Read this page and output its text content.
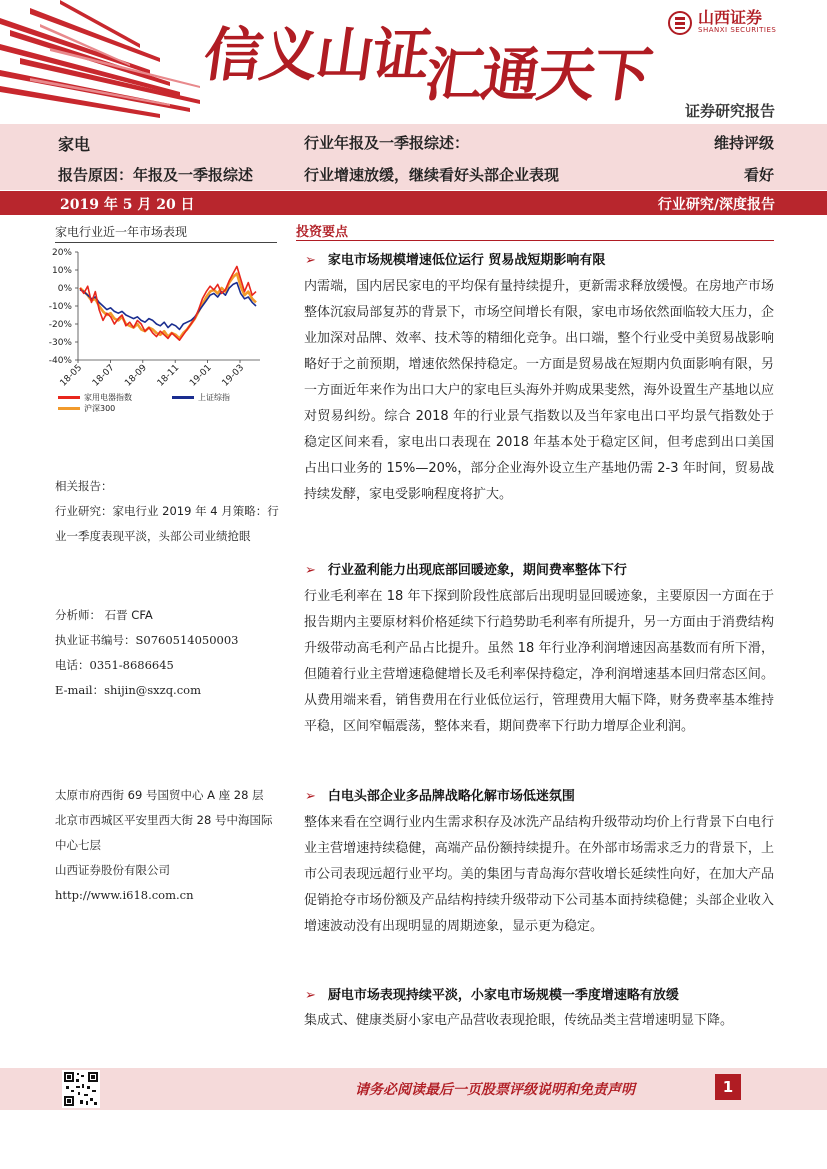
信义山证汇通天下
山西证券
SHANXI SECURITIES
证券研究报告
家电
报告原因：年报及一季报综述
行业年报及一季报综述：
行业增速放缓，继续看好头部企业表现
维持评级
看好
2019 年 5 月 20 日	行业研究/深度报告
家电行业近一年市场表现
20%
10%
0%
-10%
-20%
-30%
-40%
18-05 18-07 18-09 18-11 19-01 19-03
家用电器指数	上证综指
沪深300
相关报告：
行业研究：家电行业 2019 年 4 月策略：行业一季度表现平淡，头部公司业绩抢眼
分析师： 石晋 CFA
执业证书编号：S0760514050003
电话：0351-8686645
E-mail：shijin@sxzq.com
太原市府西街 69 号国贸中心 A 座 28 层
北京市西城区平安里西大街 28 号中海国际中心七层
山西证券股份有限公司
http://www.i618.com.cn
投资要点
➢ 家电市场规模增速低位运行 贸易战短期影响有限
内需端，国内居民家电的平均保有量持续提升，更新需求释放缓慢。在房地产市场整体沉寂局部复苏的背景下，市场空间增长有限，家电市场依然面临较大压力，企业加深对品牌、效率、技术等的精细化竞争。出口端，整个行业受中美贸易战影响略好于之前预期，增速依然保持稳定。一方面是贸易战在短期内负面影响有限，另一方面近年来作为出口大户的家电巨头海外并购成果斐然，海外设置生产基地以应对贸易纠纷。综合 2018 年的行业景气指数以及当年家电出口平均景气指数处于稳定区间来看，家电出口表现在 2018 年基本处于稳定区间，但考虑到出口美国占出口业务的 15%—20%，部分企业海外设立生产基地仍需 2-3 年时间，贸易战持续发酵，家电受影响程度将扩大。
➢ 行业盈利能力出现底部回暖迹象，期间费率整体下行
行业毛利率在 18 年下探到阶段性底部后出现明显回暖迹象，主要原因一方面在于报告期内主要原材料价格延续下行趋势助毛利率有所提升，另一方面由于消费结构升级带动高毛利产品占比提升。虽然 18 年行业净利润增速因高基数而有所下滑，但随着行业主营增速稳健增长及毛利率保持稳定，净利润增速基本回归常态区间。从费用端来看，销售费用在行业低位运行，管理费用大幅下降，财务费率基本维持平稳，区间窄幅震荡，整体来看，期间费率下行助力增厚企业利润。
➢ 白电头部企业多品牌战略化解市场低迷氛围
整体来看在空调行业内生需求积存及冰洗产品结构升级带动均价上行背景下白电行业主营增速持续稳健，高端产品份额持续提升。在外部市场需求乏力的背景下，上市公司表现远超行业平均。美的集团与青岛海尔营收增长延续性向好，在加大产品促销抢夺市场份额及产品结构持续升级带动下公司基本面持续稳健；头部企业收入增速波动没有出现明显的周期迹象，显示更为稳定。
➢ 厨电市场表现持续平淡，小家电市场规模一季度增速略有放缓
集成式、健康类厨小家电产品营收表现抢眼，传统品类主营增速明显下降。
请务必阅读最后一页股票评级说明和免责声明	1
